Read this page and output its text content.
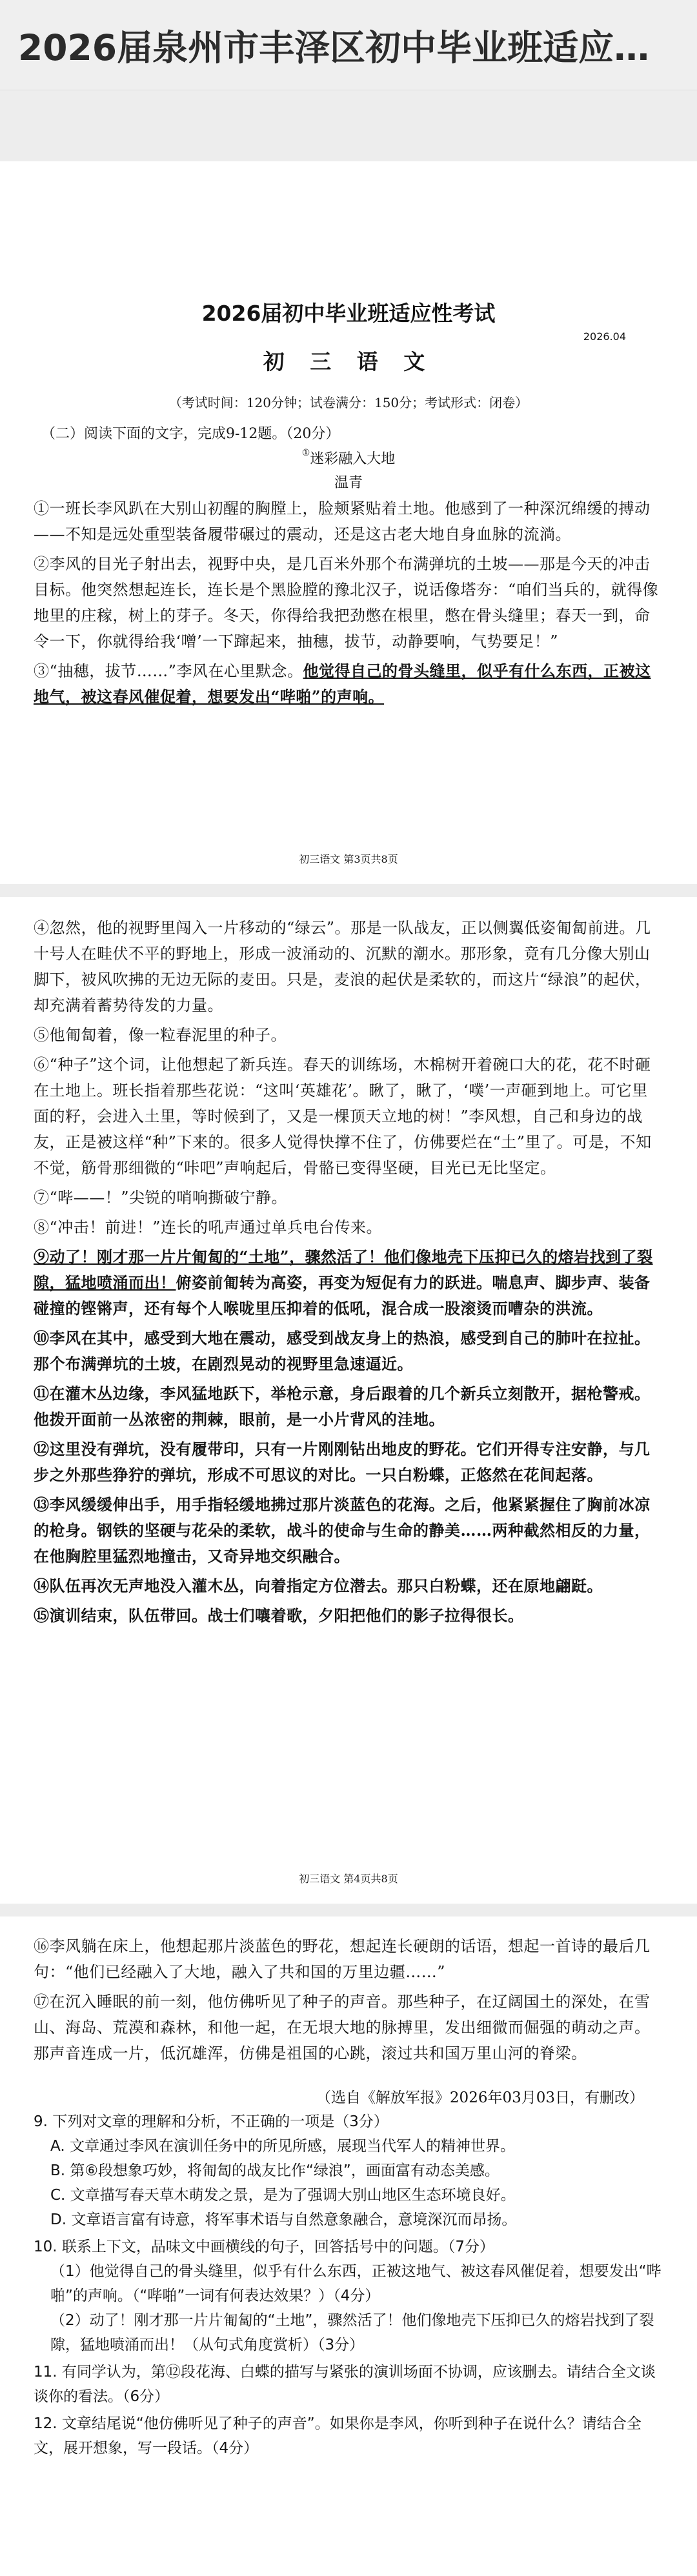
2026届泉州市丰泽区初中毕业班适应…
2026届初中毕业班适应性考试
2026.04
初 三 语 文
（考试时间：120分钟；试卷满分：150分；考试形式：闭卷）
（二）阅读下面的文字，完成9-12题。（20分）
①迷彩融入大地
温青

①一班长李风趴在大别山初醒的胸膛上，脸颊紧贴着土地。他感到了一种深沉绵缓的搏动——不知是远处重型装备履带碾过的震动，还是这古老大地自身血脉的流淌。

②李风的目光子射出去，视野中央，是几百米外那个布满弹坑的土坡——那是今天的冲击目标。他突然想起连长，连长是个黑脸膛的豫北汉子，说话像塔夯：“咱们当兵的，就得像地里的庄稼，树上的芽子。冬天，你得给我把劲憋在根里，憋在骨头缝里；春天一到，命令一下，你就得给我‘噌’一下蹿起来，抽穗，拔节，动静要响，气势要足！”

③“抽穗，拔节……”李风在心里默念。他觉得自己的骨头缝里，似乎有什么东西，正被这地气，被这春风催促着，想要发出“哔啪”的声响。

初三语文 第3页共8页

④忽然，他的视野里闯入一片移动的“绿云”。那是一队战友，正以侧翼低姿匍匐前进。几十号人在畦伏不平的野地上，形成一波涌动的、沉默的潮水。那形象，竟有几分像大别山脚下，被风吹拂的无边无际的麦田。只是，麦浪的起伏是柔软的，而这片“绿浪”的起伏，却充满着蓄势待发的力量。

⑤他匍匐着，像一粒春泥里的种子。

⑥“种子”这个词，让他想起了新兵连。春天的训练场，木棉树开着碗口大的花，花不时砸在土地上。班长指着那些花说：“这叫‘英雄花’。瞅了，瞅了，‘噗’一声砸到地上。可它里面的籽，会进入土里，等时候到了，又是一棵顶天立地的树！”李风想，自己和身边的战友，正是被这样“种”下来的。很多人觉得快撑不住了，仿佛要烂在“土”里了。可是，不知不觉，筋骨那细微的“咔吧”声响起后，骨骼已变得坚硬，目光已无比坚定。

⑦“哔——！”尖锐的哨响撕破宁静。

⑧“冲击！前进！”连长的吼声通过单兵电台传来。

⑨动了！刚才那一片片匍匐的“土地”，骤然活了！他们像地壳下压抑已久的熔岩找到了裂隙，猛地喷涌而出！俯姿前匍转为高姿，再变为短促有力的跃进。喘息声、脚步声、装备碰撞的铿锵声，还有每个人喉咙里压抑着的低吼，混合成一股滚烫而嘈杂的洪流。

⑩李风在其中，感受到大地在震动，感受到战友身上的热浪，感受到自己的肺叶在拉扯。那个布满弹坑的土坡，在剧烈晃动的视野里急速逼近。

⑪在灌木丛边缘，李风猛地跃下，举枪示意，身后跟着的几个新兵立刻散开，据枪警戒。他拨开面前一丛浓密的荆棘，眼前，是一小片背风的洼地。

⑫这里没有弹坑，没有履带印，只有一片刚刚钻出地皮的野花。它们开得专注安静，与几步之外那些狰狞的弹坑，形成不可思议的对比。一只白粉蝶，正悠然在花间起落。

⑬李风缓缓伸出手，用手指轻缓地拂过那片淡蓝色的花海。之后，他紧紧握住了胸前冰凉的枪身。钢铁的坚硬与花朵的柔软，战斗的使命与生命的静美……两种截然相反的力量，在他胸腔里猛烈地撞击，又奇异地交织融合。

⑭队伍再次无声地没入灌木丛，向着指定方位潜去。那只白粉蝶，还在原地翩跹。

⑮演训结束，队伍带回。战士们嚷着歌，夕阳把他们的影子拉得很长。

初三语文 第4页共8页

⑯李风躺在床上，他想起那片淡蓝色的野花，想起连长硬朗的话语，想起一首诗的最后几句：“他们已经融入了大地，融入了共和国的万里边疆……”

⑰在沉入睡眠的前一刻，他仿佛听见了种子的声音。那些种子，在辽阔国土的深处，在雪山、海岛、荒漠和森林，和他一起，在无垠大地的脉搏里，发出细微而倔强的萌动之声。那声音连成一片，低沉雄浑，仿佛是祖国的心跳，滚过共和国万里山河的脊梁。

（选自《解放军报》2026年03月03日，有删改）

9. 下列对文章的理解和分析，不正确的一项是（3分）

A. 文章通过李风在演训任务中的所见所感，展现当代军人的精神世界。

B. 第⑥段想象巧妙，将匍匐的战友比作“绿浪”，画面富有动态美感。

C. 文章描写春天草木萌发之景，是为了强调大别山地区生态环境良好。

D. 文章语言富有诗意，将军事术语与自然意象融合，意境深沉而昂扬。

10. 联系上下文，品味文中画横线的句子，回答括号中的问题。（7分）

（1）他觉得自己的骨头缝里，似乎有什么东西，正被这地气、被这春风催促着，想要发出“哔啪”的声响。（“哔啪”一词有何表达效果？）（4分）

（2）动了！刚才那一片片匍匐的“土地”，骤然活了！他们像地壳下压抑已久的熔岩找到了裂隙，猛地喷涌而出！（从句式角度赏析）（3分）

11. 有同学认为，第⑫段花海、白蝶的描写与紧张的演训场面不协调，应该删去。请结合全文谈谈你的看法。（6分）

12. 文章结尾说“他仿佛听见了种子的声音”。如果你是李风，你听到种子在说什么？请结合全文，展开想象，写一段话。（4分）
